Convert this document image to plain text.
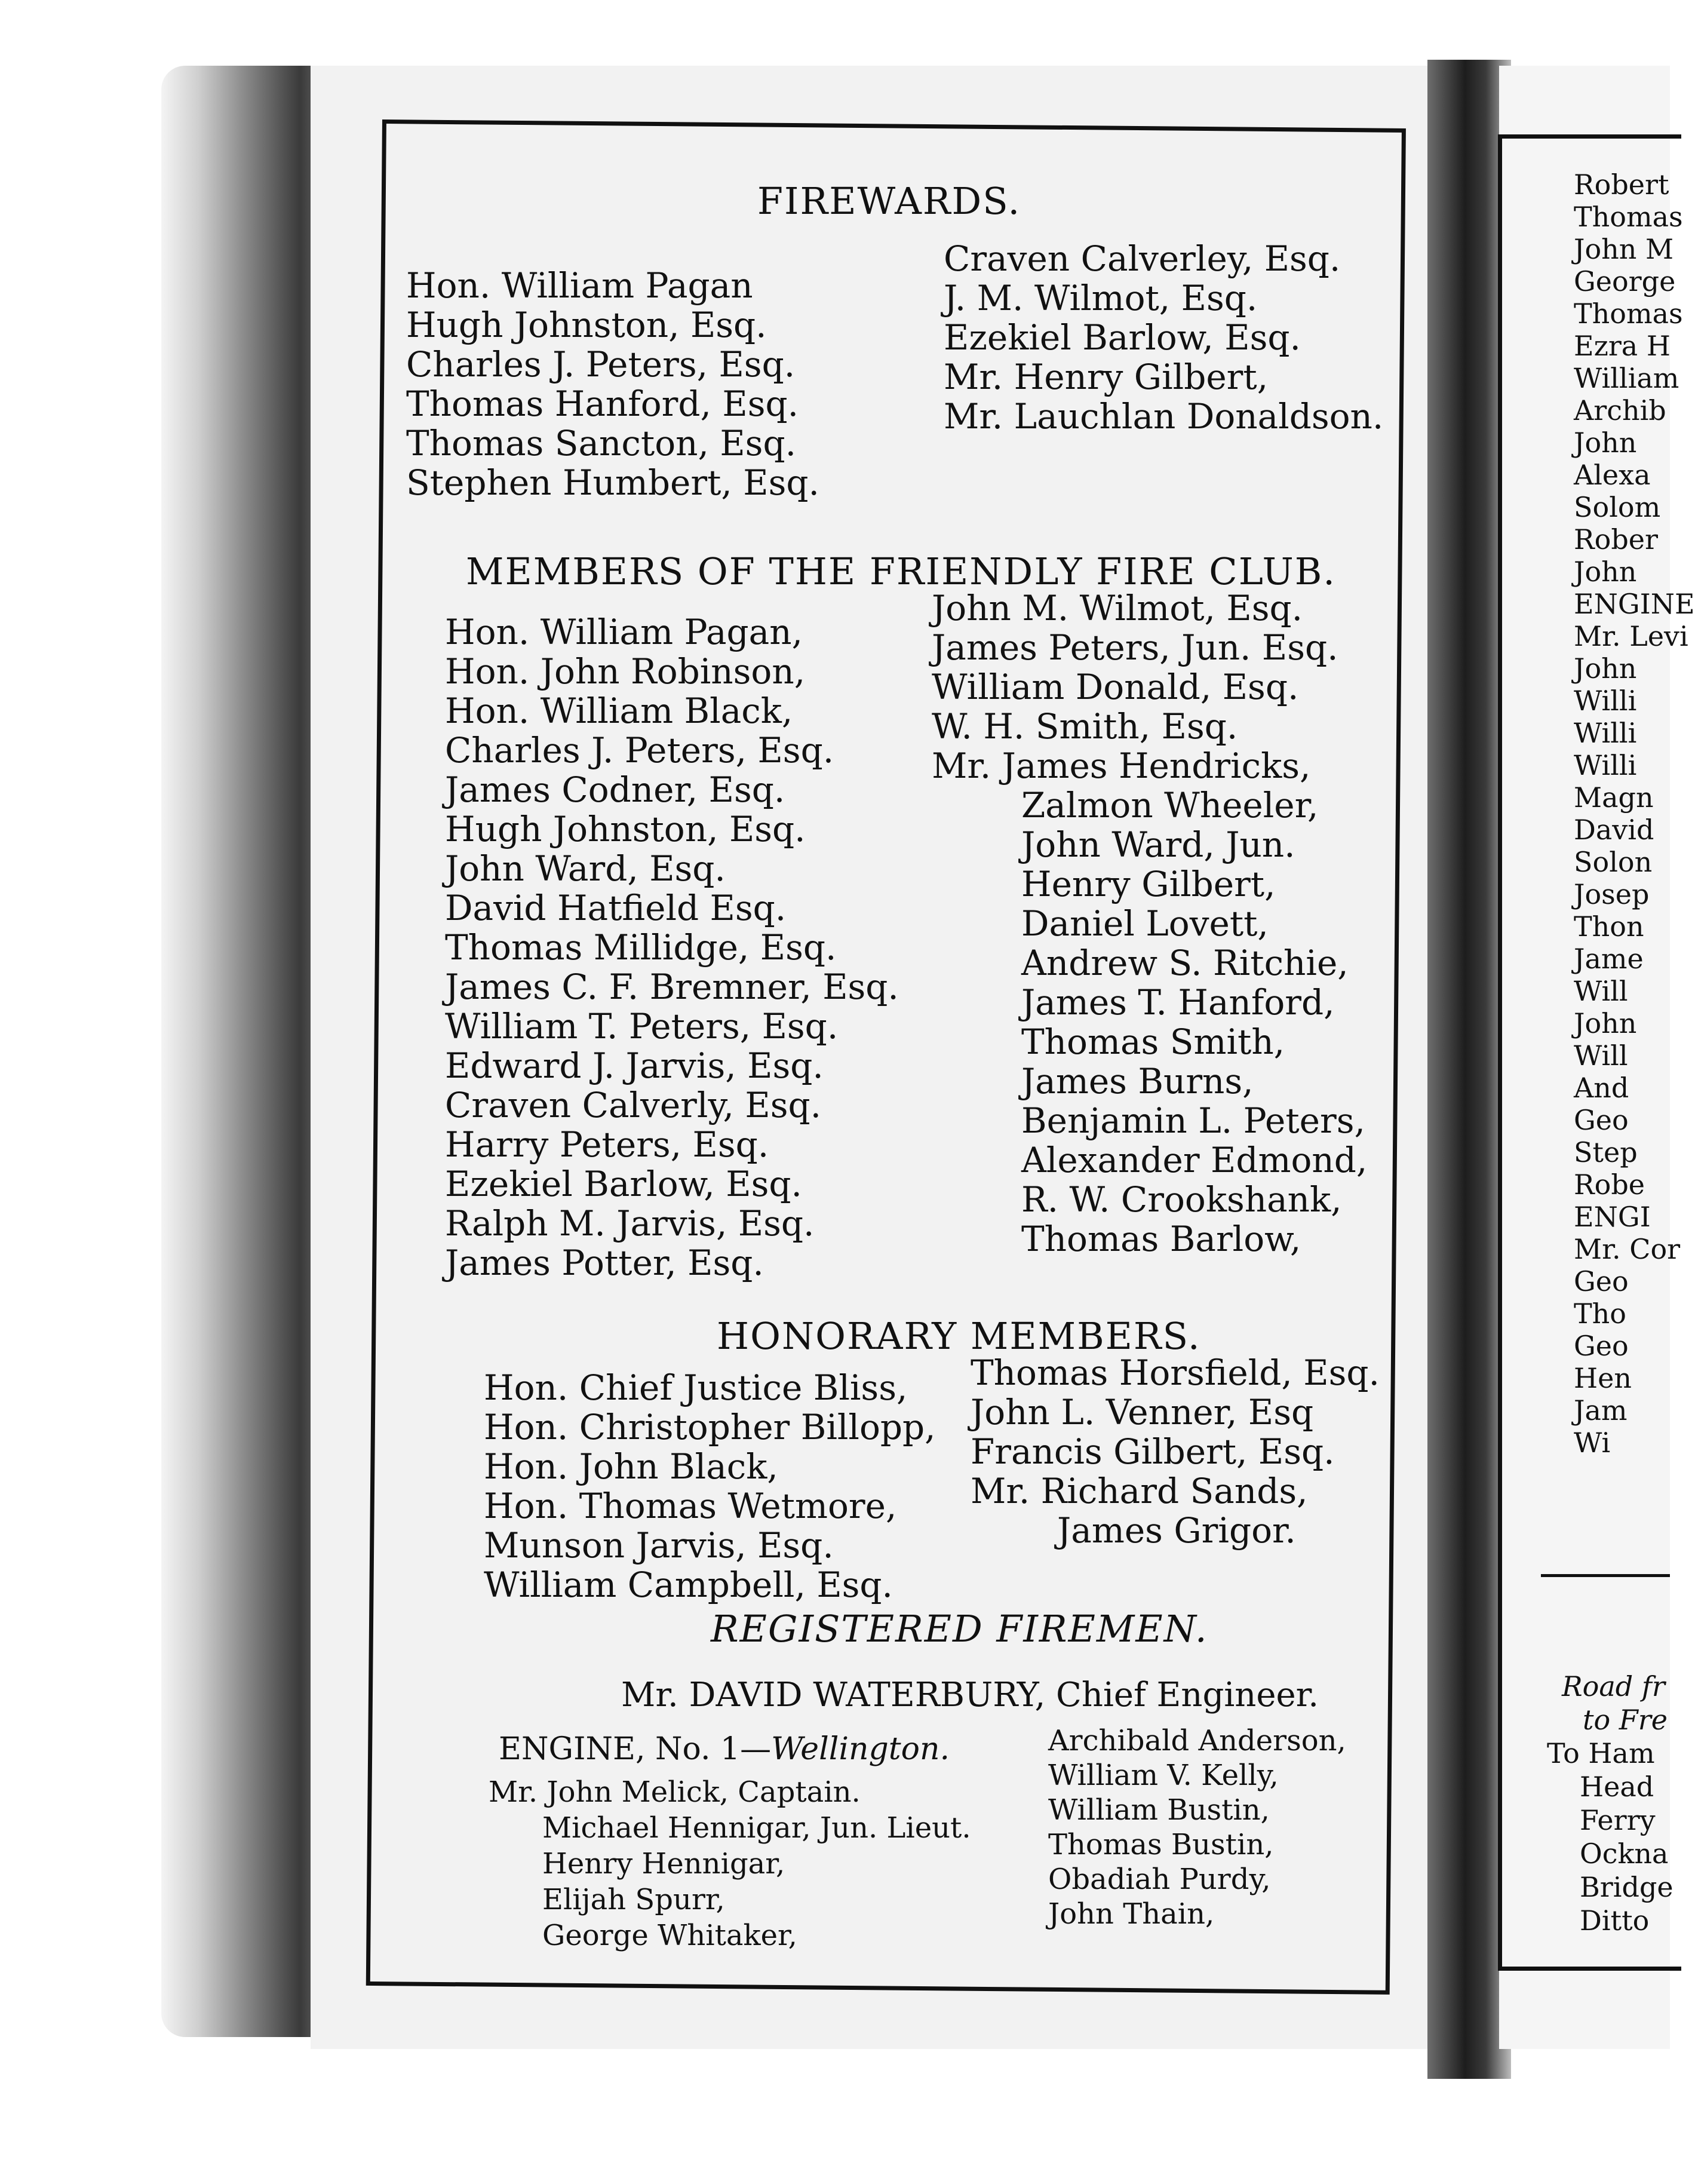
FIREWARDS.
Hon. William Pagan
Hugh Johnston, Esq.
Charles J. Peters, Esq.
Thomas Hanford, Esq.
Thomas Sancton, Esq.
Stephen Humbert, Esq.
Craven Calverley, Esq.
J. M. Wilmot, Esq.
Ezekiel Barlow, Esq.
Mr. Henry Gilbert,
Mr. Lauchlan Donaldson.
MEMBERS OF THE FRIENDLY FIRE CLUB.
Hon. William Pagan,
Hon. John Robinson,
Hon. William Black,
Charles J. Peters, Esq.
James Codner, Esq.
Hugh Johnston, Esq.
John Ward, Esq.
David Hatfield Esq.
Thomas Millidge, Esq.
James C. F. Bremner, Esq.
William T. Peters, Esq.
Edward J. Jarvis, Esq.
Craven Calverly, Esq.
Harry Peters, Esq.
Ezekiel Barlow, Esq.
Ralph M. Jarvis, Esq.
James Potter, Esq.
John M. Wilmot, Esq.
James Peters, Jun. Esq.
William Donald, Esq.
W. H. Smith, Esq.
Mr. James Hendricks,
Zalmon Wheeler,
John Ward, Jun.
Henry Gilbert,
Daniel Lovett,
Andrew S. Ritchie,
James T. Hanford,
Thomas Smith,
James Burns,
Benjamin L. Peters,
Alexander Edmond,
R. W. Crookshank,
Thomas Barlow,
HONORARY MEMBERS.
Hon. Chief Justice Bliss,
Hon. Christopher Billopp,
Hon. John Black,
Hon. Thomas Wetmore,
Munson Jarvis, Esq.
William Campbell, Esq.
Thomas Horsfield, Esq.
John L. Venner, Esq
Francis Gilbert, Esq.
Mr. Richard Sands,
James Grigor.
REGISTERED FIREMEN.
Mr. DAVID WATERBURY, Chief Engineer.
ENGINE, No. 1—Wellington.
Mr. John Melick, Captain.
Michael Hennigar, Jun. Lieut.
Henry Hennigar,
Elijah Spurr,
George Whitaker,
Archibald Anderson,
William V. Kelly,
William Bustin,
Thomas Bustin,
Obadiah Purdy,
John Thain,
Robert
Thomas
John M
George
Thomas
Ezra H
William
Archib
John
Alexa
Solom
Rober
John
ENGINE
Mr. Levi
John
Willi
Willi
Willi
Magn
David
Solon
Josep
Thon
Jame
Will
John
Will
And
Geo
Step
Robe
ENGI
Mr. Cor
Geo
Tho
Geo
Hen
Jam
Wi
Road fr
to Fre
To Ham
Head
Ferry
Ockna
Bridge
Ditto
